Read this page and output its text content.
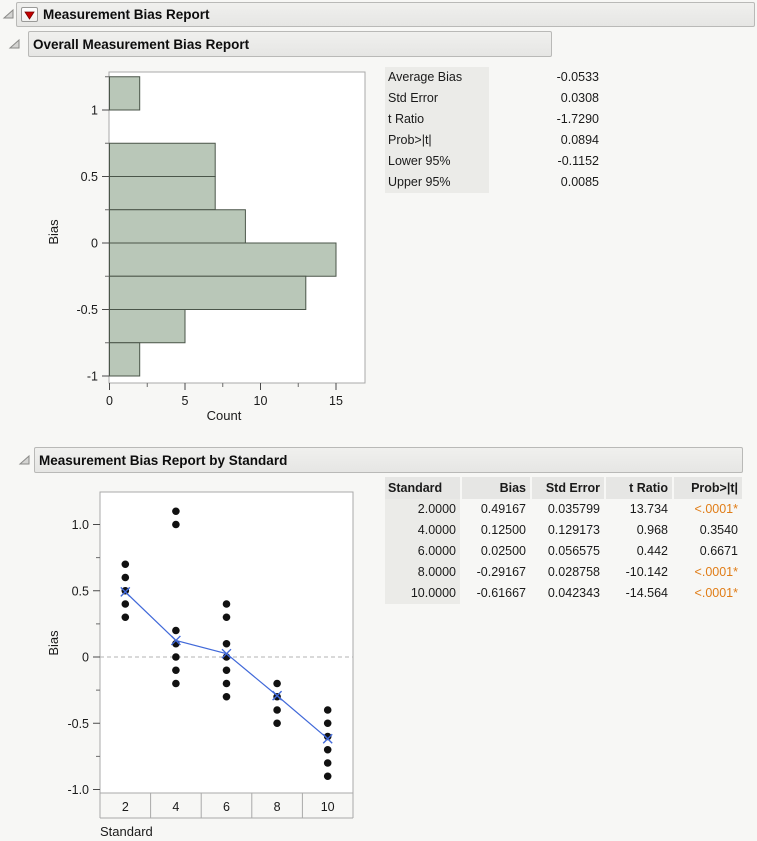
Measurement Bias Report
Overall Measurement Bias Report
1
0.5
0
-0.5
-1
0	5	10	15
Count
Bias
Average Bias	-0.0533
Std Error	0.0308
t Ratio	-1.7290
Prob>|t|	0.0894
Lower 95%	-0.1152
Upper 95%	0.0085
Measurement Bias Report by Standard
1.0
0.5
0
-0.5
-1.0
2	4	6	8	10
Standard
Bias
Standard	Bias	Std Error	t Ratio	Prob>|t|
2.0000	0.49167	0.035799	13.734	<.0001*
4.0000	0.12500	0.129173	0.968	0.3540
6.0000	0.02500	0.056575	0.442	0.6671
8.0000	-0.29167	0.028758	-10.142	<.0001*
10.0000	-0.61667	0.042343	-14.564	<.0001*
